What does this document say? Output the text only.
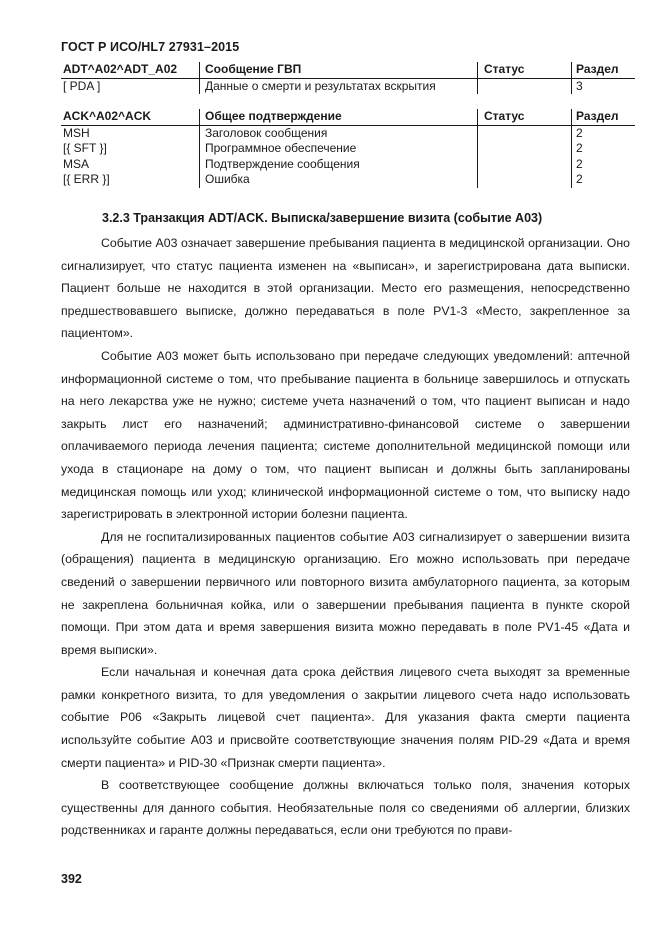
ГОСТ Р ИСО/HL7 27931–2015
ADT^A02^ADT_A02	Сообщение ГВП	Статус	Раздел
[ PDA ]	Данные о смерти и результатах вскрытия		3
ACK^A02^ACK	Общее подтверждение	Статус	Раздел
MSH	Заголовок сообщения		2
[{ SFT }]	Программное обеспечение		2
MSA	Подтверждение сообщения		2
[{ ERR }]	Ошибка		2
3.2.3 Транзакция ADT/ACK. Выписка/завершение визита (событие A03)

Событие A03 означает завершение пребывания пациента в медицинской организации. Оно сигнализирует, что статус пациента изменен на «выписан», и зарегистрирована дата выписки. Пациент больше не находится в этой организации. Место его размещения, непосредственно предшествовавшего выписке, должно передаваться в поле PV1-3 «Место, закрепленное за пациентом».

Событие A03 может быть использовано при передаче следующих уведомлений: аптечной информационной системе о том, что пребывание пациента в больнице завершилось и отпускать на него лекарства уже не нужно; системе учета назначений о том, что пациент выписан и надо закрыть лист его назначений; административно-финансовой системе о завершении оплачиваемого периода лечения пациента; системе дополнительной медицинской помощи или ухода в стационаре на дому о том, что пациент выписан и должны быть запланированы медицинская помощь или уход; клинической информационной системе о том, что выписку надо зарегистрировать в электронной истории болезни пациента.

Для не госпитализированных пациентов событие A03 сигнализирует о завершении визита (обращения) пациента в медицинскую организацию. Его можно использовать при передаче сведений о завершении первичного или повторного визита амбулаторного пациента, за которым не закреплена больничная койка, или о завершении пребывания пациента в пункте скорой помощи. При этом дата и время завершения визита можно передавать в поле PV1-45 «Дата и время выписки».

Если начальная и конечная дата срока действия лицевого счета выходят за временные рамки конкретного визита, то для уведомления о закрытии лицевого счета надо использовать событие P06 «Закрыть лицевой счет пациента». Для указания факта смерти пациента используйте событие A03 и присвойте соответствующие значения полям PID-29 «Дата и время смерти пациента» и PID-30 «Признак смерти пациента».

В соответствующее сообщение должны включаться только поля, значения которых существенны для данного события. Необязательные поля со сведениями об аллергии, близких родственниках и гаранте должны передаваться, если они требуются по прави-

392
